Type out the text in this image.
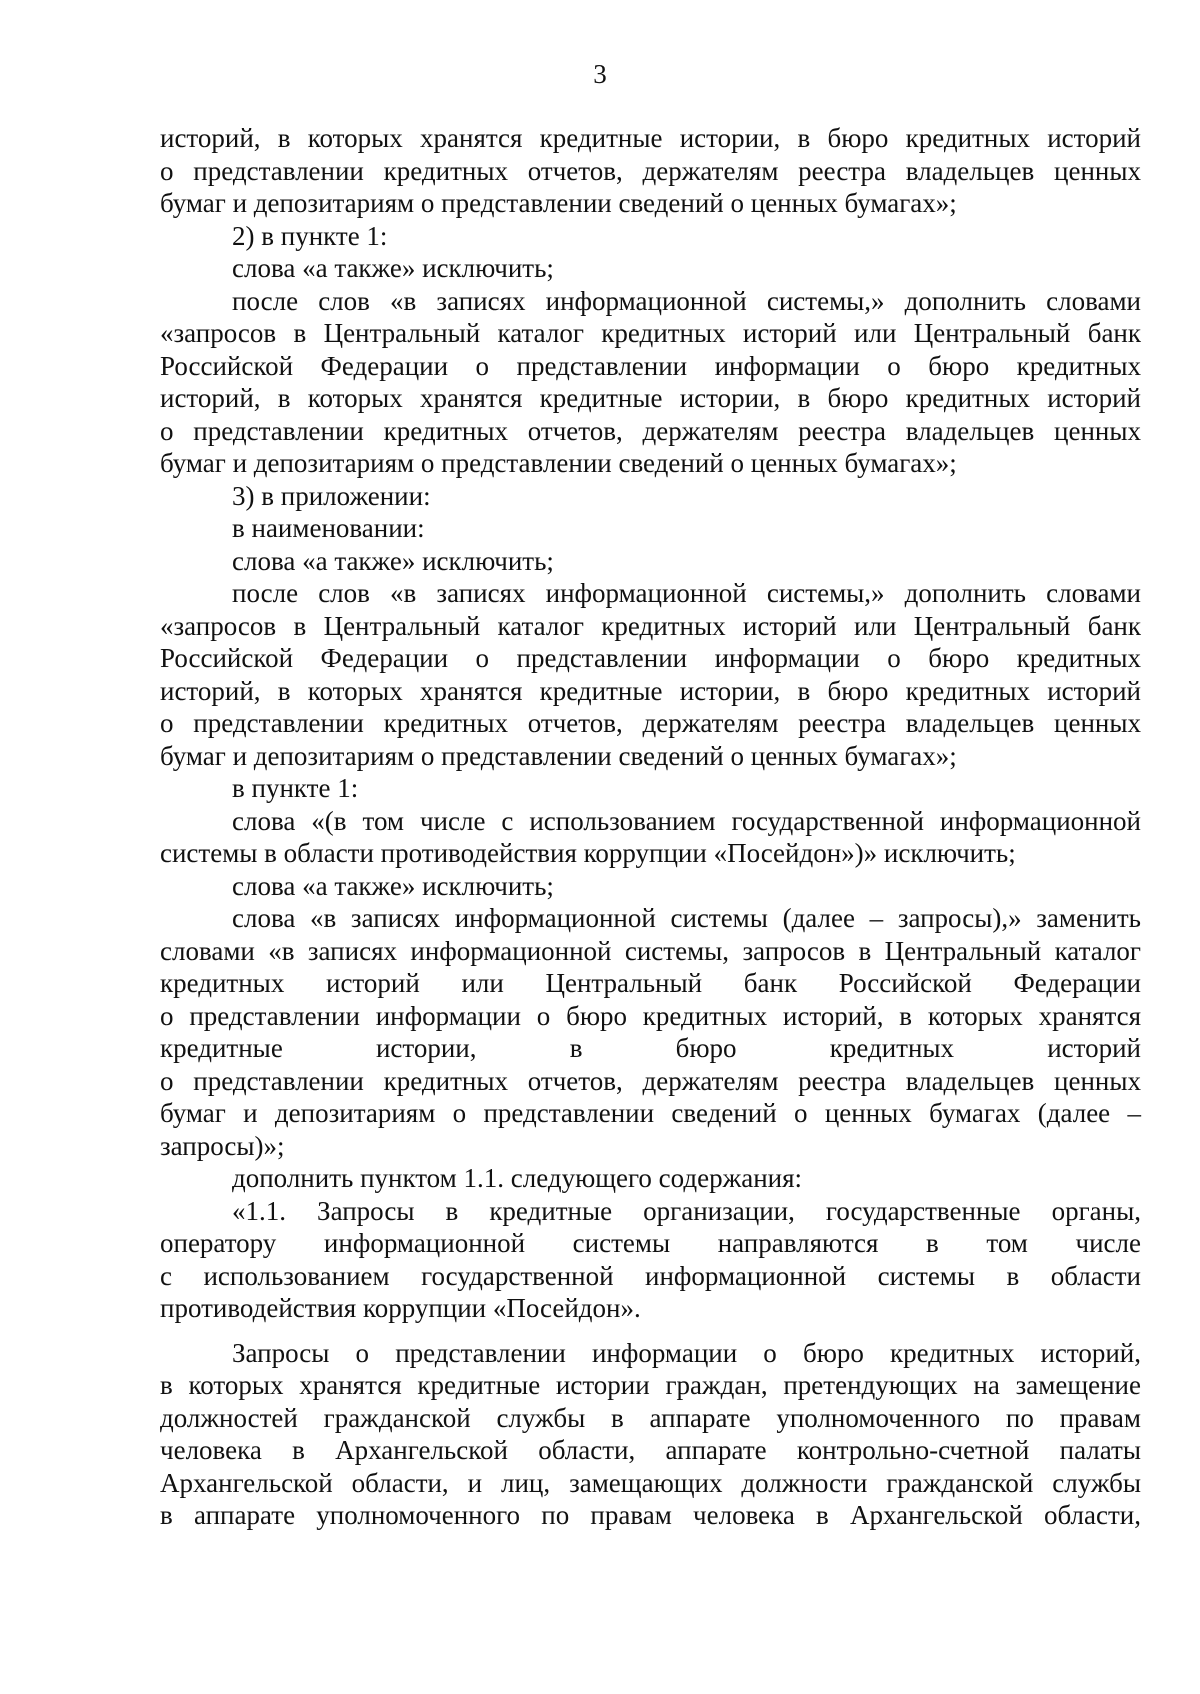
3
историй, в которых хранятся кредитные истории, в бюро кредитных историй
о представлении кредитных отчетов, держателям реестра владельцев ценных
бумаг и депозитариям о представлении сведений о ценных бумагах»;
2) в пункте 1:
слова «а также» исключить;
после слов «в записях информационной системы,» дополнить словами
«запросов в Центральный каталог кредитных историй или Центральный банк
Российской Федерации о представлении информации о бюро кредитных
историй, в которых хранятся кредитные истории, в бюро кредитных историй
о представлении кредитных отчетов, держателям реестра владельцев ценных
бумаг и депозитариям о представлении сведений о ценных бумагах»;
3) в приложении:
в наименовании:
слова «а также» исключить;
после слов «в записях информационной системы,» дополнить словами
«запросов в Центральный каталог кредитных историй или Центральный банк
Российской Федерации о представлении информации о бюро кредитных
историй, в которых хранятся кредитные истории, в бюро кредитных историй
о представлении кредитных отчетов, держателям реестра владельцев ценных
бумаг и депозитариям о представлении сведений о ценных бумагах»;
в пункте 1:
слова «(в том числе с использованием государственной информационной
системы в области противодействия коррупции «Посейдон»)» исключить;
слова «а также» исключить;
слова «в записях информационной системы (далее – запросы),» заменить
словами «в записях информационной системы, запросов в Центральный каталог
кредитных историй или Центральный банк Российской Федерации
о представлении информации о бюро кредитных историй, в которых хранятся
кредитные истории, в бюро кредитных историй
о представлении кредитных отчетов, держателям реестра владельцев ценных
бумаг и депозитариям о представлении сведений о ценных бумагах (далее –
запросы)»;
дополнить пунктом 1.1. следующего содержания:
«1.1. Запросы в кредитные организации, государственные органы,
оператору информационной системы направляются в том числе
с использованием государственной информационной системы в области
противодействия коррупции «Посейдон».
Запросы о представлении информации о бюро кредитных историй,
в которых хранятся кредитные истории граждан, претендующих на замещение
должностей гражданской службы в аппарате уполномоченного по правам
человека в Архангельской области, аппарате контрольно-счетной палаты
Архангельской области, и лиц, замещающих должности гражданской службы
в аппарате уполномоченного по правам человека в Архангельской области,
